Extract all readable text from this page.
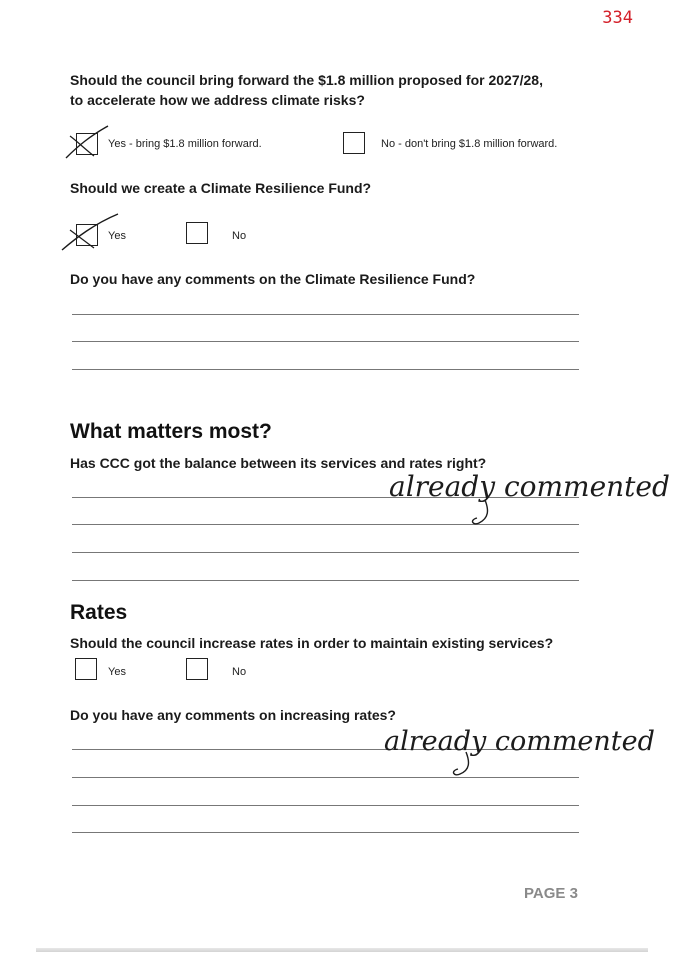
334
Should the council bring forward the $1.8 million proposed for 2027/28,
to accelerate how we address climate risks?
Yes - bring $1.8 million forward.	No - don't bring $1.8 million forward.
Should we create a Climate Resilience Fund?
Yes	No
Do you have any comments on the Climate Resilience Fund?
What matters most?
Has CCC got the balance between its services and rates right?
already commented
Rates
Should the council increase rates in order to maintain existing services?
Yes	No
Do you have any comments on increasing rates?
already commented
PAGE 3
